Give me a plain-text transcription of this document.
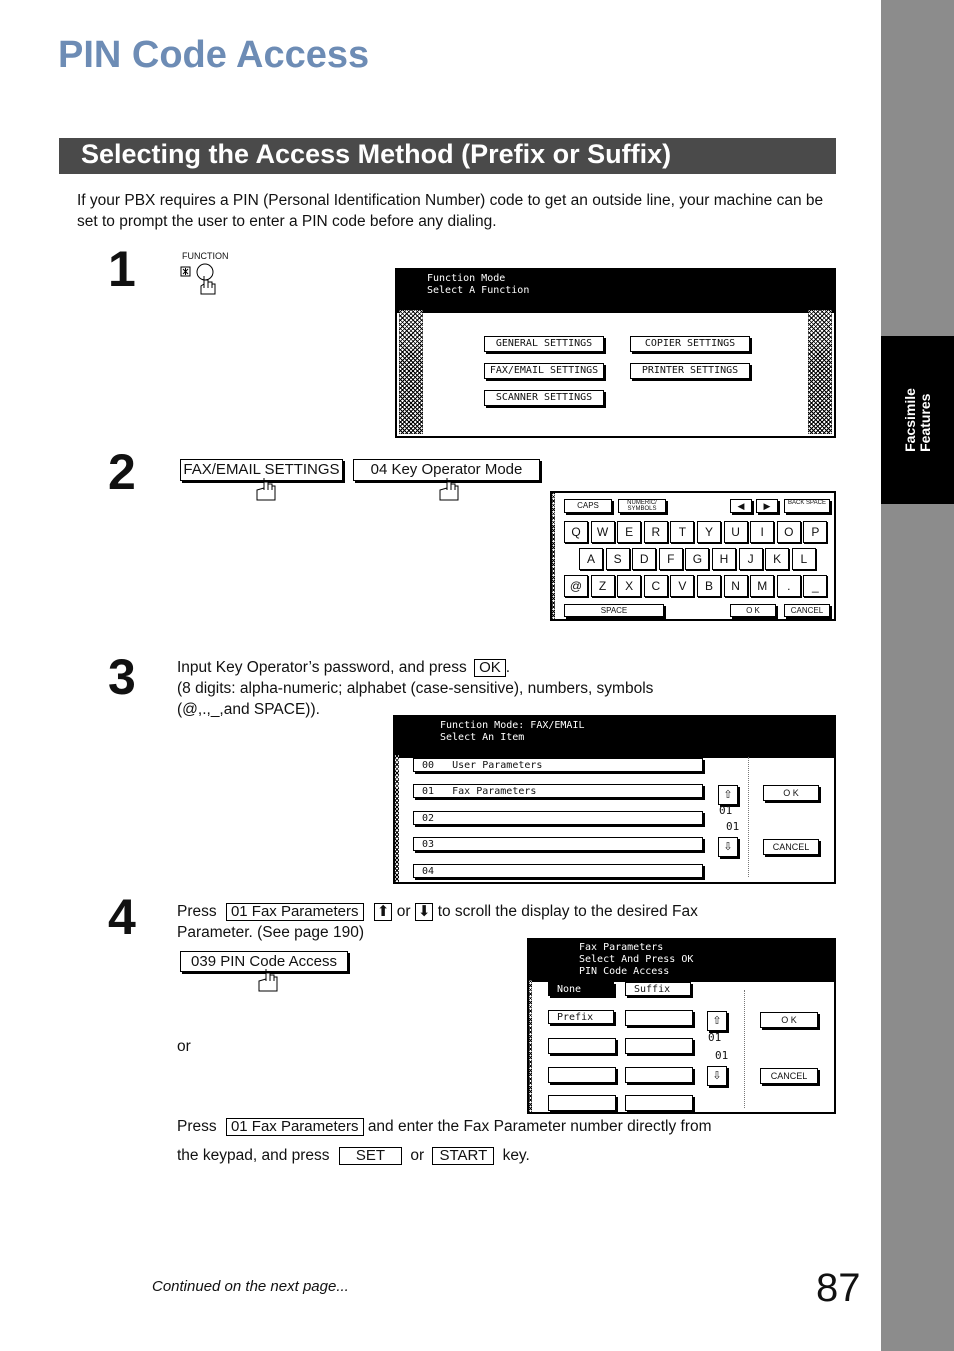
Facsimile
Features
PIN Code Access
Selecting the Access Method (Prefix or Suffix)
If your PBX requires a PIN (Personal Identification Number) code to get an outside line, your machine can be set to prompt the user to enter a PIN code before any dialing.
1	FUNCTION
Function Mode
Select A Function
GENERAL SETTINGS	COPIER SETTINGS
FAX/EMAIL SETTINGS	PRINTER SETTINGS
SCANNER SETTINGS
2	FAX/EMAIL SETTINGS	04 Key Operator Mode
CAPS	NUMERIC/ SYMBOLS	◀	▶	BACK SPACE
Q	W	E	R	T	Y	U	I	O	P
A	S	D	F	G	H	J	K	L
@	Z	X	C	V	B	N	M	.	_
SPACE	O K	CANCEL
3	Input Key Operator’s password, and press OK .
(8 digits: alpha-numeric; alphabet (case-sensitive), numbers, symbols
(@,.,_,and SPACE)).
Function Mode: FAX/EMAIL
Select An Item
00 User Parameters
01 Fax Parameters
02
03
04
⇧
01
01
⇩
O K
CANCEL
4	Press 01 Fax Parameters ⬆ or ⬇ to scroll the display to the desired Fax
Parameter. (See page 190)
039 PIN Code Access
or
Fax Parameters
Select And Press OK
PIN Code Access
None	Suffix
Prefix	⇧
01
01
⇩
O K
CANCEL
Press 01 Fax Parameters and enter the Fax Parameter number directly from
the keypad, and press SET or START key.
Continued on the next page...	87
